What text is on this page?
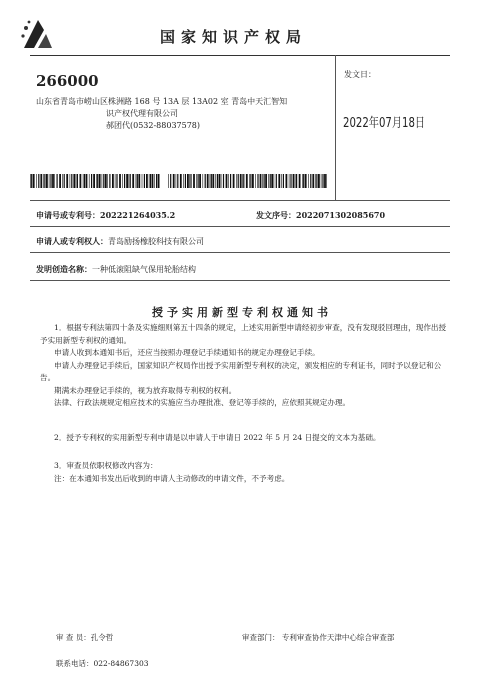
国家知识产权局
266000
山东省青岛市崂山区株洲路 168 号 13A 层 13A02 室 青岛中天汇智知
识产权代理有限公司
郝团代(0532-88037578)
发文日：
2022年07月18日
申请号或专利号：202221264035.2	发文序号：2022071302085670
申请人或专利权人：青岛励扬橡胶科技有限公司
发明创造名称：一种低滚阻缺气保用轮胎结构
授予实用新型专利权通知书

1．根据专利法第四十条及实施细则第五十四条的规定，上述实用新型申请经初步审查，没有发现驳回理由，现作出授予实用新型专利权的通知。

申请人收到本通知书后，还应当按照办理登记手续通知书的规定办理登记手续。

申请人办理登记手续后，国家知识产权局作出授予实用新型专利权的决定，颁发相应的专利证书，同时予以登记和公告。

期满未办理登记手续的，视为放弃取得专利权的权利。

法律、行政法规规定相应技术的实施应当办理批准、登记等手续的，应依照其规定办理。

2．授予专利权的实用新型专利申请是以申请人于申请日 2022 年 5 月 24 日提交的文本为基础。

3．审查员依职权修改内容为：

注：在本通知书发出后收到的申请人主动修改的申请文件，不予考虑。

审 查 员：孔令哲	审查部门： 专利审查协作天津中心综合审查部
联系电话：022-84867303
